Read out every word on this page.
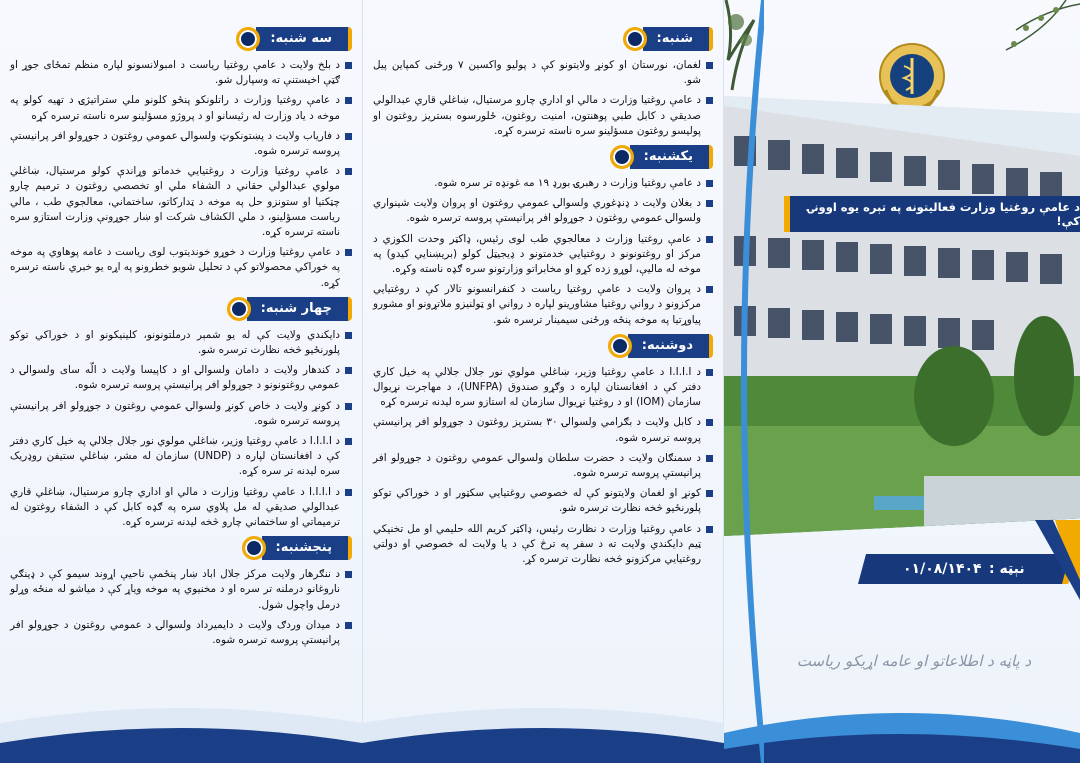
سه شنبه:
د بلخ ولايت د عامې روغتيا رياست د امبولانسونو لپاره منظم تمځای جوړ او ګټې اخيستنې ته وسپارل شو.
د عامې روغتيا وزارت د راتلونکو پنځو کلونو ملي ستراتيژۍ د تهيه کولو په موخه د ياد وزارت له رئيسانو او د پروژو مسؤلينو سره ناسته ترسره کړه
د فارياب ولايت د پښتونکوټ ولسوالۍ عمومي روغتون د جوړولو افر پرانيستې پروسه ترسره شوه.
د عامې روغتيا وزارت د روغتيايي خدماتو وړاندې کولو مرستيال، ښاغلي مولوي عبدالولي حقاني د الشفاء ملي او تخصصي روغتون د ترميم چارو چټکتيا او ستونزو حل په موخه د ټدارکاتو، ساختماني، معالجوي طب ، مالي رياست مسؤلينو، د ملي الکشاف شرکت او ښار جوړونې وزارت استازو سره ناسته ترسره کړه.
د عامې روغتيا وزارت د خوړو خونديتوب لوی رياست د عامه پوهاوي په موخه په خوراکي محصولاتو کې د تحليل شويو خطرونو په اړه يو خبري ناسته ترسره کړه.
چهار شنبه:
دايکندي ولايت کې له يو شمېر درملتونونو، کلينيکونو او د خوراکي توکو پلورنځيو څخه نظارت ترسره شو.
د کندهار ولايت د دامان ولسوالۍ او د کاپيسا ولايت د الّه سای ولسوالۍ د عمومي روغتونونو د جوړولو افر پرانيستې پروسه ترسره شوه.
د کونړ ولايت د خاص کونړ ولسوالۍ عمومي روغتون د جوړولو افر پرانيستې پروسه ترسره شوه.
د I.I.I.I د عامې روغتيا وزير، ښاغلي مولوي نور جلال جلالي په خيل کاري دفتر کې د افغانستان لپاره د (UNDP) سازمان له مشر، ښاغلي ستيفن روډريک سره ليدنه تر سره کړه.
د I.I.I.I د عامې روغتيا وزارت د مالي او اداري چارو مرستيال، ښاغلي قاري عبدالولي صديقي له مل پلاوي سره په ګډه کابل کې د الشفاء روغتون له ترميماتي او ساختماني چارو څخه ليدنه ترسره کړه.
پنجشنبه:
د ننګرهار ولايت مرکز جلال اباد ښار پنځمې ناحيې اړوند سيمو کې د ډينګي ناروغانو درملنه تر سره او د مخنيوي په موخه وياړ کې د مياشو له منځه وړلو درمل واچول شول.
د ميدان وردګ ولايت د دايميرداد ولسوالۍ د عمومي روغتون د جوړولو افر پرانيستې پروسه ترسره شوه.
شنبه:
لغمان، نورستان او کونړ ولايتونو کې د پوليو واکسين ۷ ورځنی کمپاين پيل شو.
د عامې روغتيا وزارت د مالي او اداري چارو مرستيال، ښاغلي قاري عبدالولي صديقي د کابل طبي پوهنتون، امنيت روغتون، ځلورسوه بستريز روغتون او پوليسو روغتون مسؤلينو سره ناسته ترسره کړه.
يکشنبه:
د عامې روغتيا وزارت د رهبرۍ بورډ ۱۹ مه غونډه تر سره شوه.
د بغلان ولايت د ډنډغوري ولسوالۍ عمومي روغتون او پروان ولايت شينواري ولسوالۍ عمومي روغتون د جوړولو افر پرانيستې پروسه ترسره شوه.
د عامې روغتيا وزارت د معالجوي طب لوی رئيس، ډاکټر وحدت الکوزي د مرکز او روغتونونو د روغتيايي خدمتونو د ډيجيټل کولو (بريښنايي کيدو) په موخه له ماليې، لوړو زده کړو او مخابراتو وزارتونو سره ګډه ناسته وکړه.
د پروان ولايت د عامې روغتيا رياست د کنفرانسونو تالار کې د روغتيايي مرکزونو د رواني روغتيا مشاورينو لپاره د رواني او ټولنيزو ملاتړونو او مشورو پياوړتيا په موخه پنځه ورځنی سيمينار ترسره شو.
دوشنبه:
د I.I.I.I د عامې روغتيا وزير، ښاغلي مولوي نور جلال جلالي په خيل کاري دفتر کې د افغانستان لپاره د وګړو صندوق (UNFPA)، د مهاجرت نړيوال سازمان (IOM) او د روغتيا نړيوال سازمان له استازو سره ليدنه ترسره کړه
د کابل ولايت د بګرامي ولسوالۍ ۳۰ بستريز روغتون د جوړولو افر پرانيستې پروسه ترسره شوه.
د سمنګان ولايت د حضرت سلطان ولسوالۍ عمومي روغتون د جوړولو افر پرانيستې پروسه ترسره شوه.
کونړ او لغمان ولايتونو کې له خصوصي روغتيايي سکټور او د خوراکي توکو پلورنځيو څخه نظارت ترسره شو.
د عامې روغتيا وزارت د نظارت رئيس، ډاکټر کريم الله حليمي او مل تخنيکي ټيم دايکندي ولايت ته د سفر په ترڅ کې د يا ولايت له خصوصي او دولتي روغتيايي مرکزونو څخه نظارت ترسره کړ.
د عامې روغتيا وزارت فعاليتونه په تېره يوه اوونۍ کې!
نېټه :
۰۱/۰۸/۱۴۰۴
د پاڼه د اطلاعاتو او عامه اړيکو رياست
